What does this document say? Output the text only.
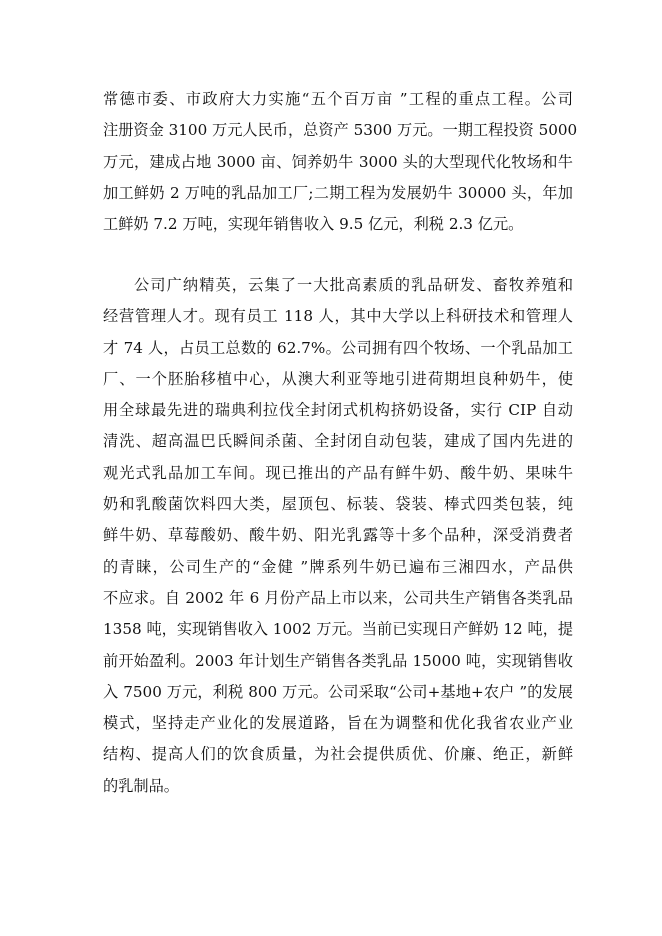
常德市委、市政府大力实施“五个百万亩 ”工程的重点工程。公司
注册资金 3100 万元人民币，总资产 5300 万元。一期工程投资 5000
万元，建成占地 3000 亩、饲养奶牛 3000 头的大型现代化牧场和牛
加工鲜奶 2 万吨的乳品加工厂;二期工程为发展奶牛 30000 头，年加
工鲜奶 7.2 万吨，实现年销售收入 9.5 亿元，利税 2.3 亿元。
公司广纳精英，云集了一大批高素质的乳品研发、畜牧养殖和
经营管理人才。现有员工 118 人，其中大学以上科研技术和管理人
才 74 人，占员工总数的 62.7%。公司拥有四个牧场、一个乳品加工
厂、一个胚胎移植中心，从澳大利亚等地引进荷期坦良种奶牛，使
用全球最先进的瑞典利拉伐全封闭式机构挤奶设备，实行 CIP 自动
清洗、超高温巴氏瞬间杀菌、全封闭自动包装，建成了国内先进的
观光式乳品加工车间。现已推出的产品有鲜牛奶、酸牛奶、果味牛
奶和乳酸菌饮料四大类，屋顶包、标装、袋装、棒式四类包装，纯
鲜牛奶、草莓酸奶、酸牛奶、阳光乳露等十多个品种，深受消费者
的青睐，公司生产的“金健 ”牌系列牛奶已遍布三湘四水，产品供
不应求。自 2002 年 6 月份产品上市以来，公司共生产销售各类乳品
1358 吨，实现销售收入 1002 万元。当前已实现日产鲜奶 12 吨，提
前开始盈利。2003 年计划生产销售各类乳品 15000 吨，实现销售收
入 7500 万元，利税 800 万元。公司采取“公司+基地+农户 ”的发展
模式，坚持走产业化的发展道路，旨在为调整和优化我省农业产业
结构、提高人们的饮食质量，为社会提供质优、价廉、绝正，新鲜
的乳制品。
